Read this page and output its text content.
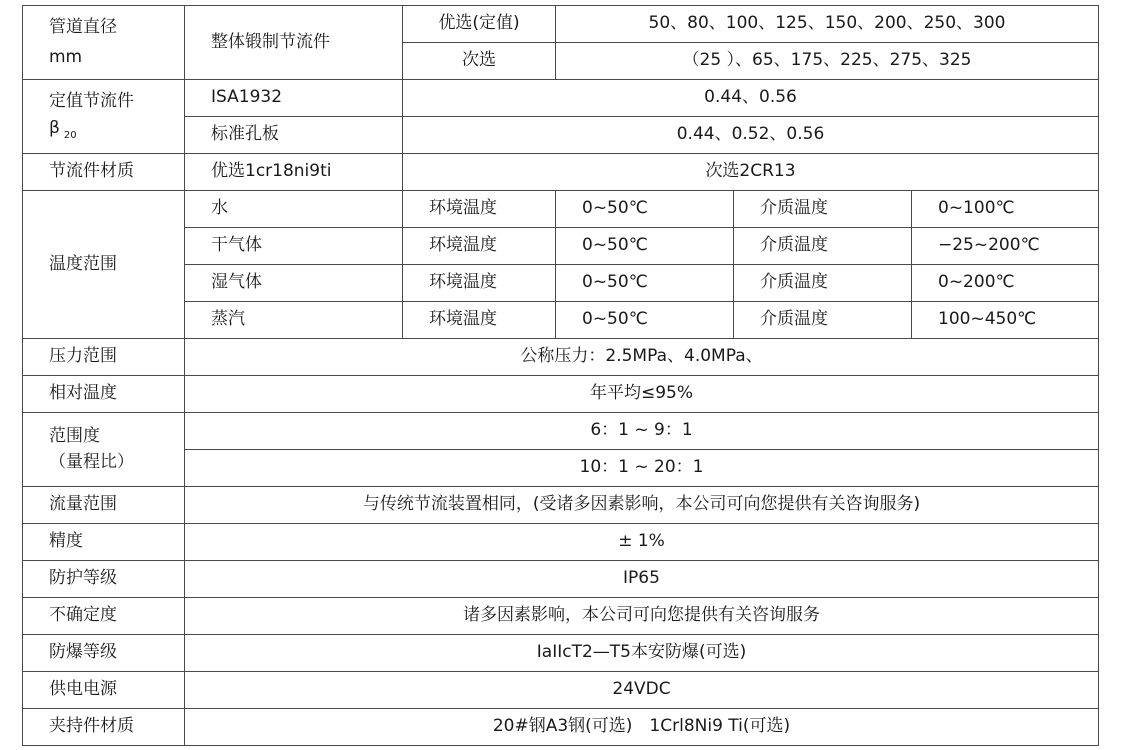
管道直径
mm	整体锻制节流件	优选(定值)	50、80、100、125、150、200、250、300		
		次选	（25 ）、65、175、225、275、325		

定值节流件
β $_{20}$	ISA1932	0.44、0.56			
	标准孔板	0.44、0.52、0.56			
节流件材质	优选1cr18ni9ti	次选2CR13			
温度范围	水	环境温度	0~50℃	介质温度	0~100℃
	干气体	环境温度	0~50℃	介质温度	−25~200℃
	湿气体	环境温度	0~50℃	介质温度	0~200℃
	蒸汽	环境温度	0~50℃	介质温度	100~450℃
压力范围	公称压力：2.5MPa、4.0MPa、				
相对温度	年平均≤95%				

范围度
（量程比）	6：1 ~ 9：1				
	10：1 ~ 20：1				
流量范围	与传统节流装置相同，(受诸多因素影响，本公司可向您提供有关咨询服务)				
精度	± 1%				
防护等级	IP65				
不确定度	诸多因素影响，本公司可向您提供有关咨询服务				
防爆等级	IaIIcT2—T5本安防爆(可选)				
供电电源	24VDC				
夹持件材质	20#钢A3钢(可选)　1Crl8Ni9 Ti(可选)				
